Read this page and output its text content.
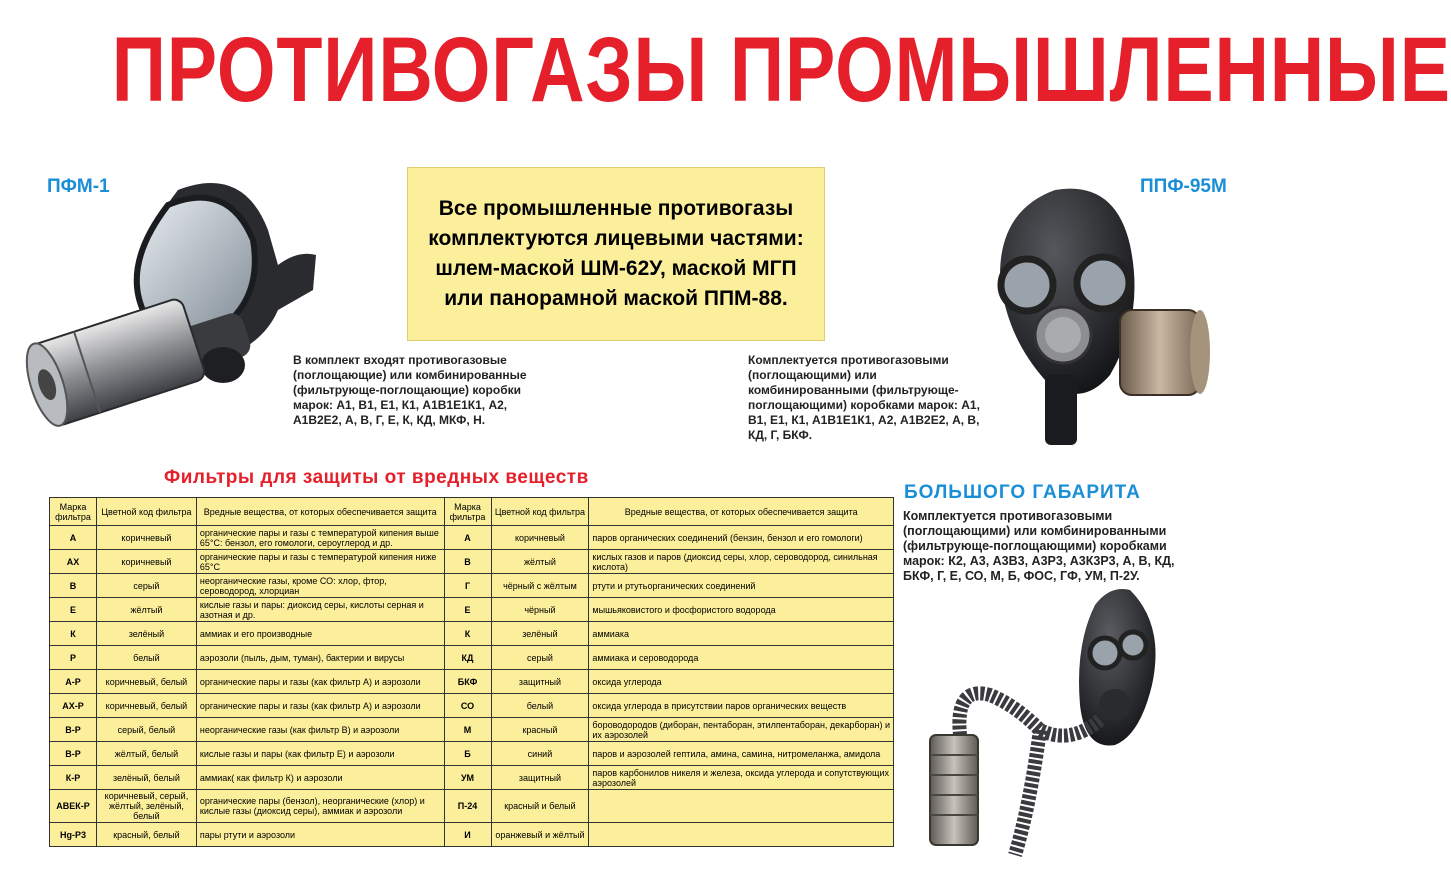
ПРОТИВОГАЗЫ ПРОМЫШЛЕННЫЕ
ПФМ-1
В комплект входят противогазовые (поглощающие) или комбинированные (фильтрующе-поглощающие) коробки марок: А1, В1, Е1, К1, А1В1Е1К1, А2, А1В2Е2, А, В, Г, Е, К, КД, МКФ, Н.
Все промышленные противогазы комплектуются лицевыми частями: шлем-маской ШМ-62У, маской МГП или панорамной маской ППМ-88.
ППФ-95М
Комплектуется противогазовыми (поглощающими) или комбинированными (фильтрующе-поглощающими) коробками марок: А1, В1, Е1, К1, А1В1Е1К1, А2, А1В2Е2, А, В, КД, Г, БКФ.
БОЛЬШОГО ГАБАРИТА
Комплектуется противогазовыми (поглощающими) или комбинированными (фильтрующе-поглощающими) коробками марок: К2, А3, А3В3, А3Р3, А3К3Р3, А, В, КД, БКФ, Г, Е, СО, М, Б, ФОС, ГФ, УМ, П-2У.
Фильтры для защиты от вредных веществ
Марка фильтра	Цветной код фильтра	Вредные вещества, от которых обеспечивается защита	Марка фильтра	Цветной код фильтра	Вредные вещества, от которых обеспечивается защита
А	коричневый	органические пары и газы с температурой кипения выше 65°С: бензол, его гомологи, сероуглерод и др.	А	коричневый	паров органических соединений (бензин, бензол и его гомологи)
АХ	коричневый	органические пары и газы с температурой кипения ниже 65°С	В	жёлтый	кислых газов и паров (диоксид серы, хлор, сероводород, синильная кислота)
В	серый	неорганические газы, кроме СО: хлор, фтор, сероводород, хлорциан	Г	чёрный с жёлтым	ртути и ртутьорганических соединений
Е	жёлтый	кислые газы и пары: диоксид серы, кислоты серная и азотная и др.	Е	чёрный	мышьяковистого и фосфористого водорода
К	зелёный	аммиак и его производные	К	зелёный	аммиака
Р	белый	аэрозоли (пыль, дым, туман), бактерии и вирусы	КД	серый	аммиака и сероводорода
А-Р	коричневый, белый	органические пары и газы (как фильтр А) и аэрозоли	БКФ	защитный	оксида углерода
АХ-Р	коричневый, белый	органические пары и газы (как фильтр А) и аэрозоли	СО	белый	оксида углерода в присутствии паров органических веществ
В-Р	серый, белый	неорганические газы (как фильтр В) и аэрозоли	М	красный	бороводородов (диборан, пентаборан, этилпентаборан, декарборан) и их аэрозолей
В-Р	жёлтый, белый	кислые газы и пары (как фильтр Е) и аэрозоли	Б	синий	паров и аэрозолей гептила, амина, самина, нитромеланжа, амидола
К-Р	зелёный, белый	аммиак( как фильтр К) и аэрозоли	УМ	защитный	паров карбонилов никеля и железа, оксида углерода и сопутствующих аэрозолей
АВЕК-Р	коричневый, серый, жёлтый, зелёный, белый	органические пары (бензол), неорганические (хлор) и кислые газы (диоксид серы), аммиак и аэрозоли	П-24	красный и белый	
Hg-P3	красный, белый	пары ртути и аэрозоли	И	оранжевый и жёлтый	
